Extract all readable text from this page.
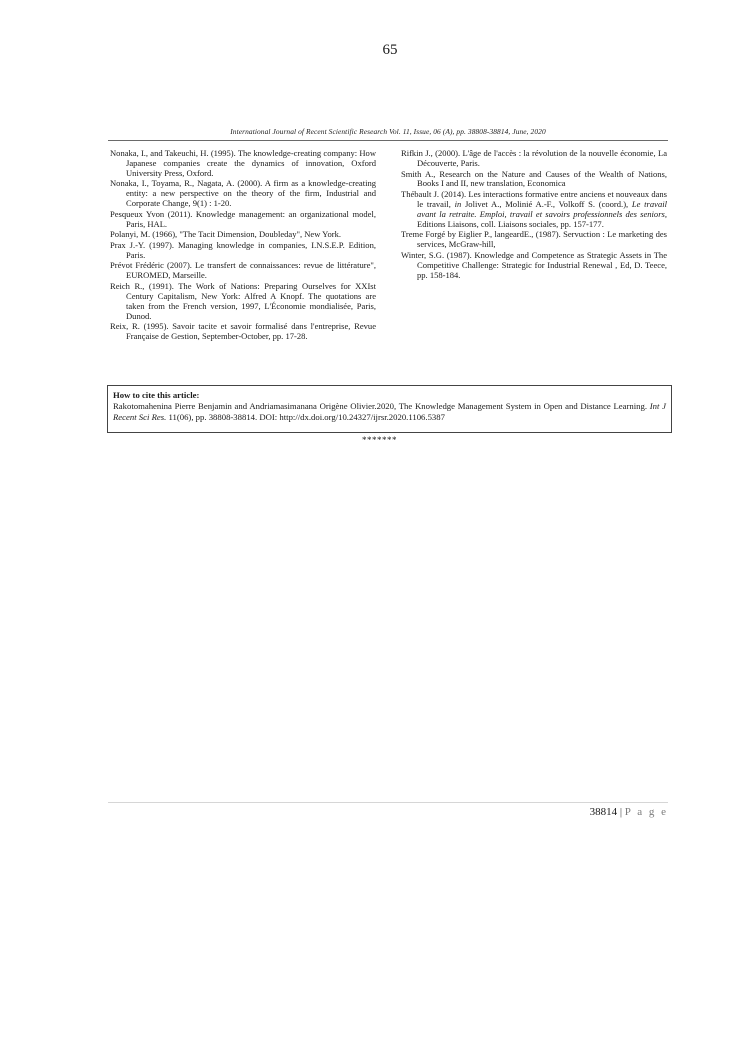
65
International Journal of Recent Scientific Research Vol. 11, Issue, 06 (A), pp. 38808-38814, June, 2020

Nonaka, I., and Takeuchi, H. (1995). The knowledge-creating company: How Japanese companies create the dynamics of innovation, Oxford University Press, Oxford.

Nonaka, I., Toyama, R., Nagata, A. (2000). A firm as a knowledge-creating entity: a new perspective on the theory of the firm, Industrial and Corporate Change, 9(1) : 1-20.

Pesqueux Yvon (2011). Knowledge management: an organizational model, Paris, HAL.

Polanyi, M. (1966), "The Tacit Dimension, Doubleday", New York.

Prax J.-Y. (1997). Managing knowledge in companies, I.N.S.E.P. Edition, Paris.

Prévot Frédéric (2007). Le transfert de connaissances: revue de littérature", EUROMED, Marseille.

Reich R., (1991). The Work of Nations: Preparing Ourselves for XXIst Century Capitalism, New York: Alfred A Knopf. The quotations are taken from the French version, 1997, L'Économie mondialisée, Paris, Dunod.

Reix, R. (1995). Savoir tacite et savoir formalisé dans l'entreprise, Revue Française de Gestion, September-October, pp. 17-28.

Rifkin J., (2000). L'âge de l'accès : la révolution de la nouvelle économie, La Découverte, Paris.

Smith A., Research on the Nature and Causes of the Wealth of Nations, Books I and II, new translation, Economica

Thébault J. (2014). Les interactions formative entre anciens et nouveaux dans le travail, in Jolivet A., Molinié A.-F., Volkoff S. (coord.), Le travail avant la retraite. Emploi, travail et savoirs professionnels des seniors, Editions Liaisons, coll. Liaisons sociales, pp. 157-177.

Treme Forgé by Eiglier P., langeardE., (1987). Servuction : Le marketing des services, McGraw-hill,

Winter, S.G. (1987). Knowledge and Competence as Strategic Assets in The Competitive Challenge: Strategic for Industrial Renewal , Ed, D. Teece, pp. 158-184.

How to cite this article:
Rakotomahenina Pierre Benjamin and Andriamasimanana Origène Olivier.2020, The Knowledge Management System in Open and Distance Learning. Int J Recent Sci Res. 11(06), pp. 38808-38814. DOI: http://dx.doi.org/10.24327/ijrsr.2020.1106.5387
*******
38814 | P a g e
